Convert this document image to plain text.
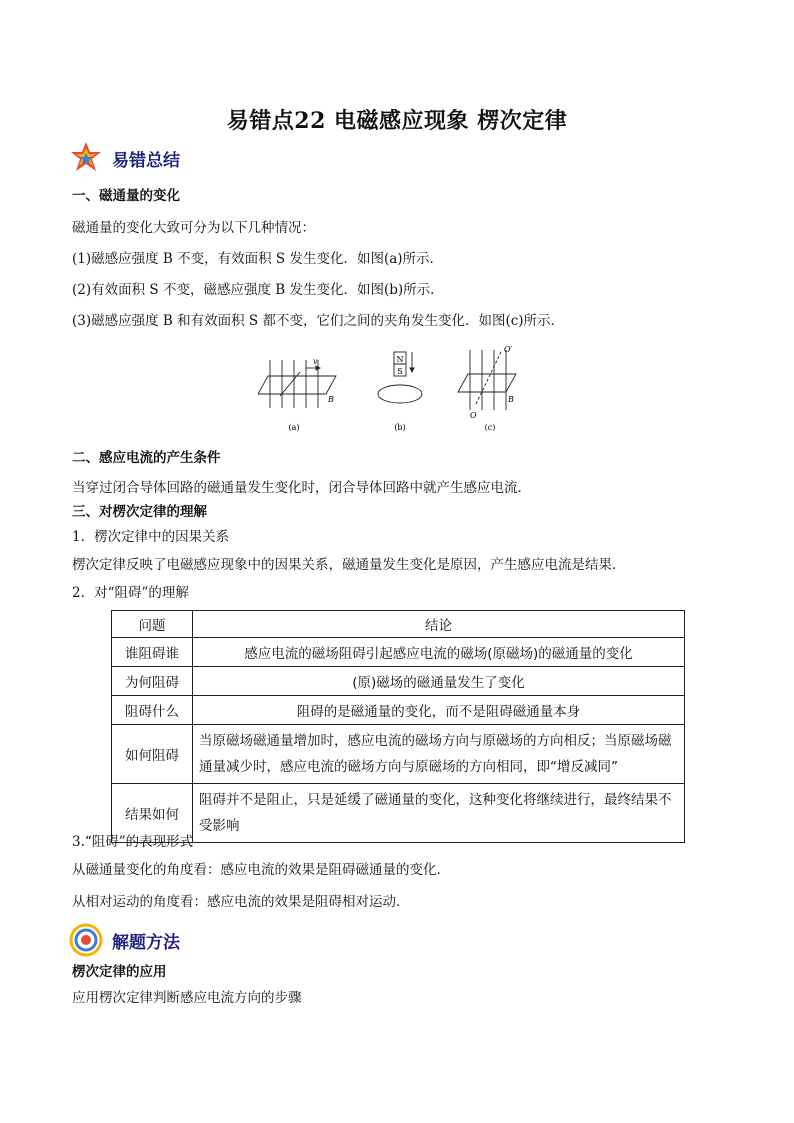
易错点22 电磁感应现象 楞次定律
易错总结
一、磁通量的变化
磁通量的变化大致可分为以下几种情况：
(1)磁感应强度 B 不变，有效面积 S 发生变化．如图(a)所示．
(2)有效面积 S 不变，磁感应强度 B 发生变化．如图(b)所示．
(3)磁感应强度 B 和有效面积 S 都不变，它们之间的夹角发生变化．如图(c)所示．
v
B
(a)
N
S
(b)
O′
O
B
(c)
二、感应电流的产生条件
当穿过闭合导体回路的磁通量发生变化时，闭合导体回路中就产生感应电流．
三、对楞次定律的理解
1．楞次定律中的因果关系
楞次定律反映了电磁感应现象中的因果关系，磁通量发生变化是原因，产生感应电流是结果．
2．对“阻碍”的理解
问题	结论
谁阻碍谁	感应电流的磁场阻碍引起感应电流的磁场(原磁场)的磁通量的变化
为何阻碍	(原)磁场的磁通量发生了变化
阻碍什么	阻碍的是磁通量的变化，而不是阻碍磁通量本身
如何阻碍	当原磁场磁通量增加时，感应电流的磁场方向与原磁场的方向相反；当原磁场磁通量减少时，感应电流的磁场方向与原磁场的方向相同，即“增反减同”
结果如何	阻碍并不是阻止，只是延缓了磁通量的变化，这种变化将继续进行，最终结果不受影响
3.“阻碍”的表现形式
从磁通量变化的角度看：感应电流的效果是阻碍磁通量的变化．
从相对运动的角度看：感应电流的效果是阻碍相对运动．
解题方法
楞次定律的应用
应用楞次定律判断感应电流方向的步骤
